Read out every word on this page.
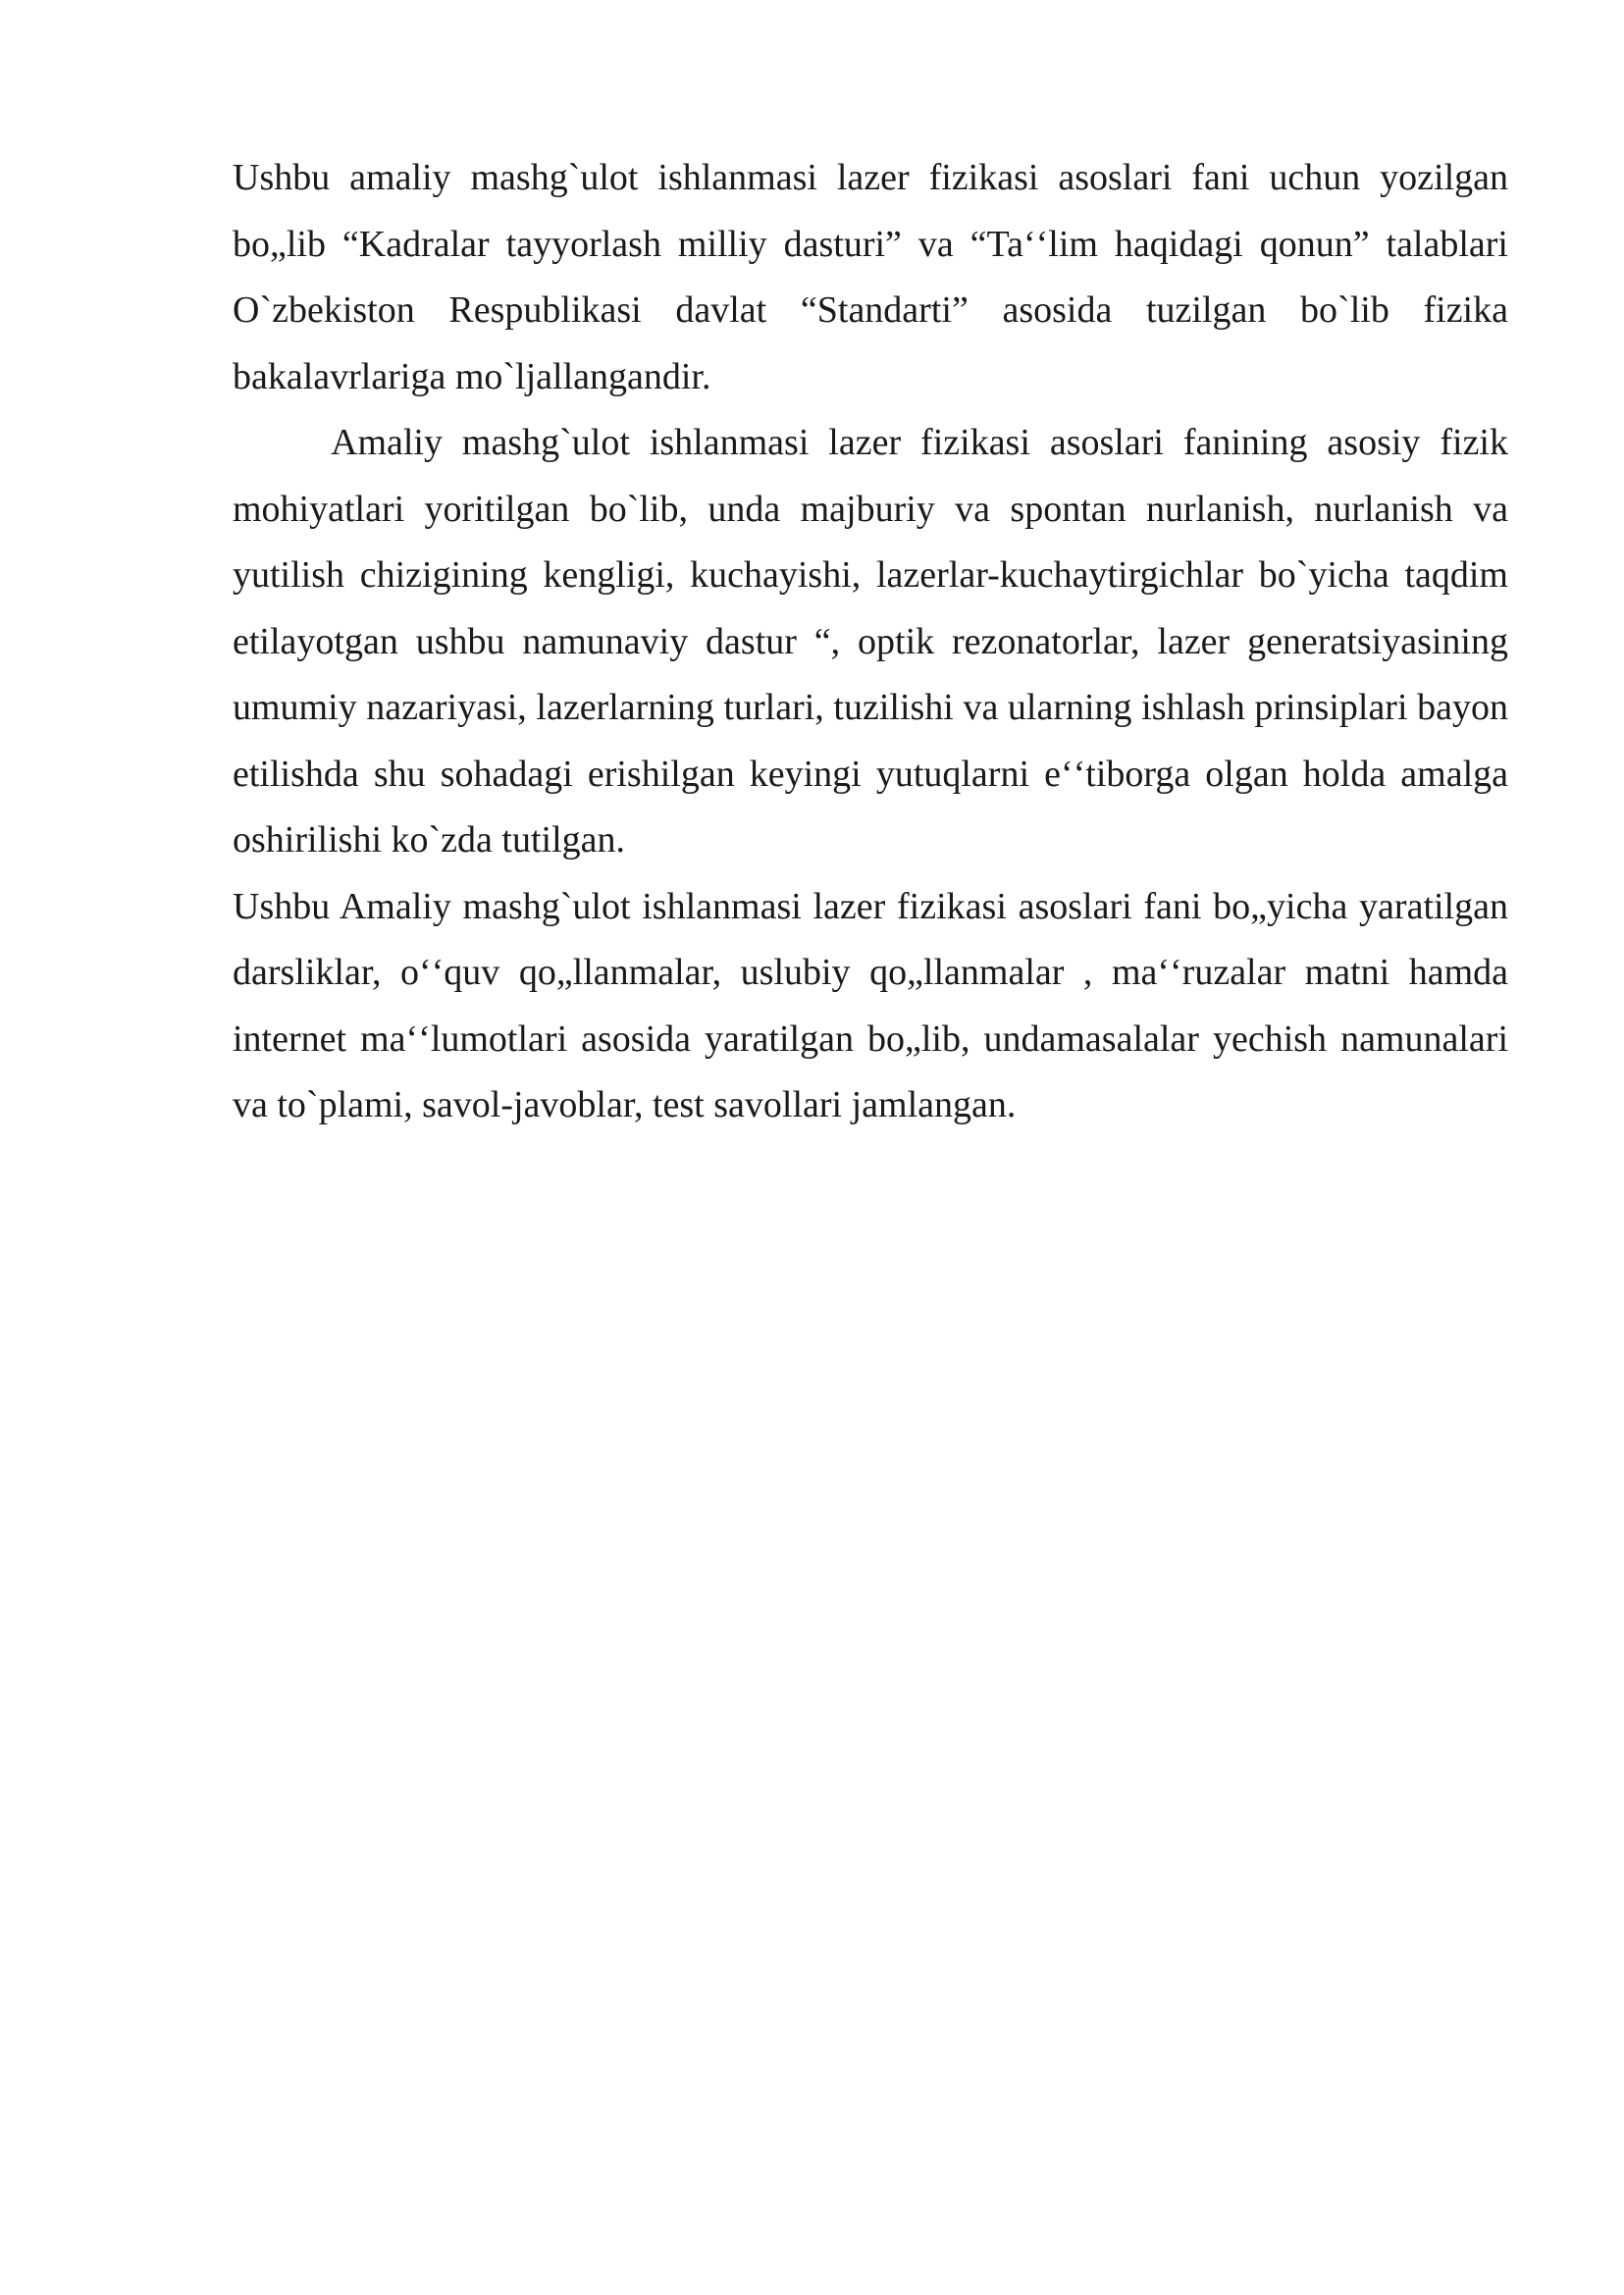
Ushbu amaliy mashg`ulot ishlanmasi lazer fizikasi asoslari fani uchun yozilgan bo„lib “Kadralar tayyorlash milliy dasturi” va “Taʻʻlim haqidagi qonun” talablari O`zbekiston Respublikasi davlat “Standarti” asosida tuzilgan bo`lib fizika bakalavrlariga mo`ljallangandir.

Amaliy mashg`ulot ishlanmasi lazer fizikasi asoslari fanining asosiy fizik mohiyatlari yoritilgan bo`lib, unda majburiy va spontan nurlanish, nurlanish va yutilish chizigining kengligi, kuchayishi, lazerlar-kuchaytirgichlar bo`yicha taqdim etilayotgan ushbu namunaviy dastur “, optik rezonatorlar, lazer generatsiyasining umumiy nazariyasi, lazerlarning turlari, tuzilishi va ularning ishlash prinsiplari bayon etilishda shu sohadagi erishilgan keyingi yutuqlarni eʻʻtiborga olgan holda amalga oshirilishi ko`zda tutilgan.

Ushbu Amaliy mashg`ulot ishlanmasi lazer fizikasi asoslari fani bo„yicha yaratilgan darsliklar, oʻʻquv qo„llanmalar, uslubiy qo„llanmalar , maʻʻruzalar matni hamda internet maʻʻlumotlari asosida yaratilgan bo„lib, undamasalalar yechish namunalari va to`plami, savol-javoblar, test savollari jamlangan.
